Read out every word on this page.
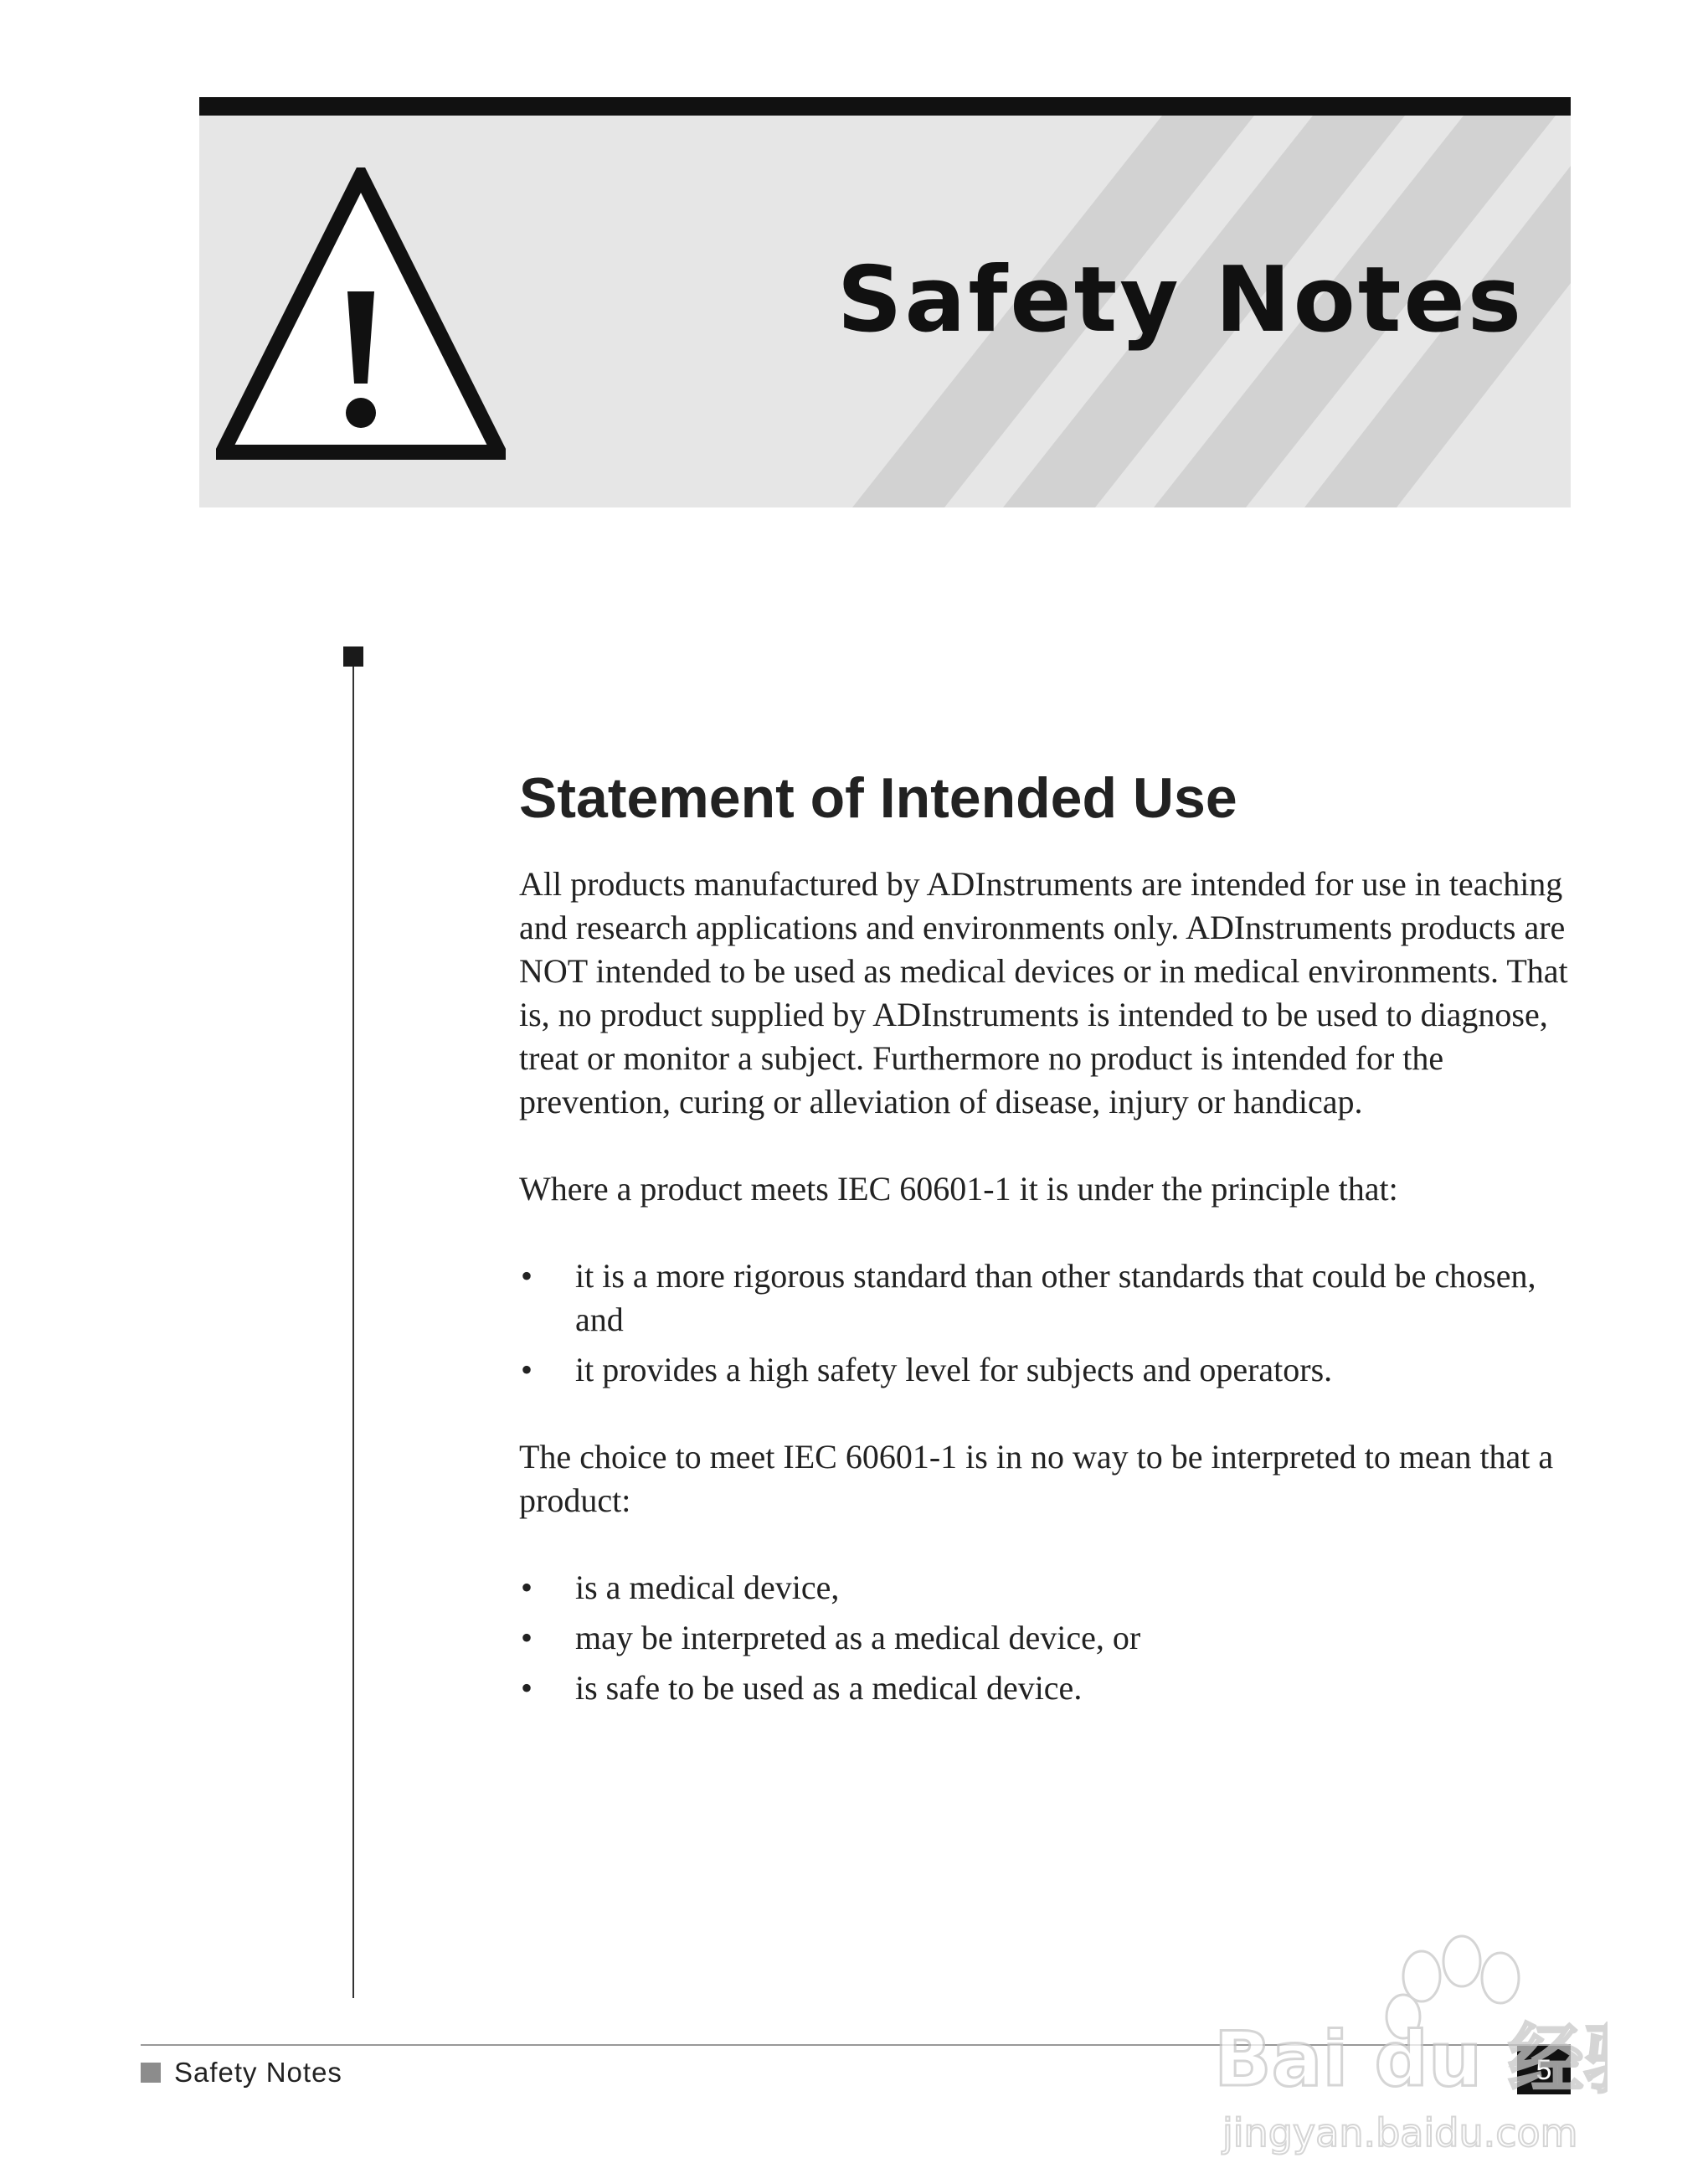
Safety Notes
Statement of Intended Use

All products manufactured by ADInstruments are intended for use in teaching and research applications and environments only. ADInstruments products are NOT intended to be used as medical devices or in medical environments. That is, no product supplied by ADInstruments is intended to be used to diagnose, treat or monitor a subject. Furthermore no product is intended for the prevention, curing or alleviation of disease, injury or handicap.

Where a product meets IEC 60601-1 it is under the principle that:

• it is a more rigorous standard than other standards that could be chosen, and
• it provides a high safety level for subjects and operators.

The choice to meet IEC 60601-1 is in no way to be interpreted to mean that a product:

• is a medical device,
• may be interpreted as a medical device, or
• is safe to be used as a medical device.
Safety Notes	5
Bai du 经
jingyan.baidu.com
